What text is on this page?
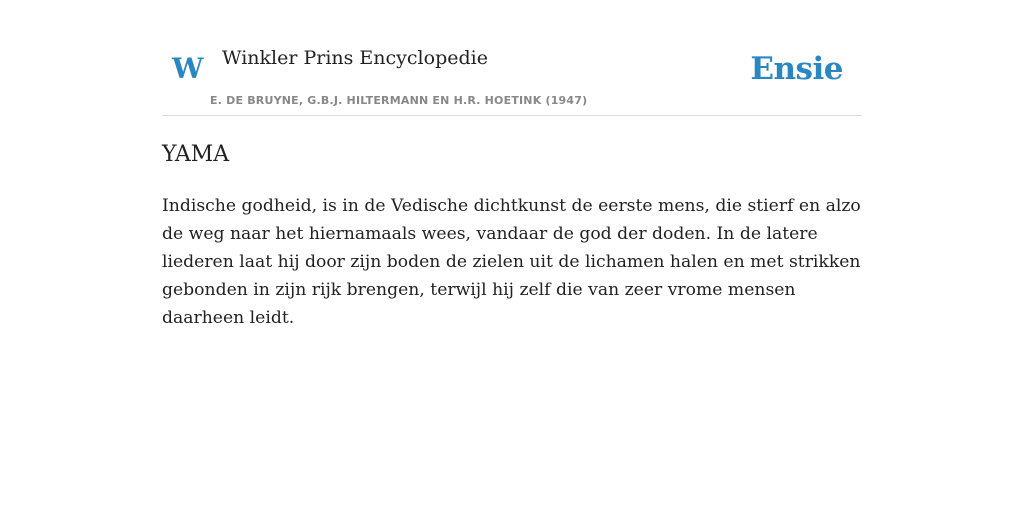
W Winkler Prins Encyclopedie
E. DE BRUYNE, G.B.J. HILTERMANN EN H.R. HOETINK (1947)
Ensie
YAMA

Indische godheid, is in de Vedische dichtkunst de eerste mens, die stierf en alzo de weg naar het hiernamaals wees, vandaar de god der doden. In de latere liederen laat hij door zijn boden de zielen uit de lichamen halen en met strikken gebonden in zijn rijk brengen, terwijl hij zelf die van zeer vrome mensen daarheen leidt.
